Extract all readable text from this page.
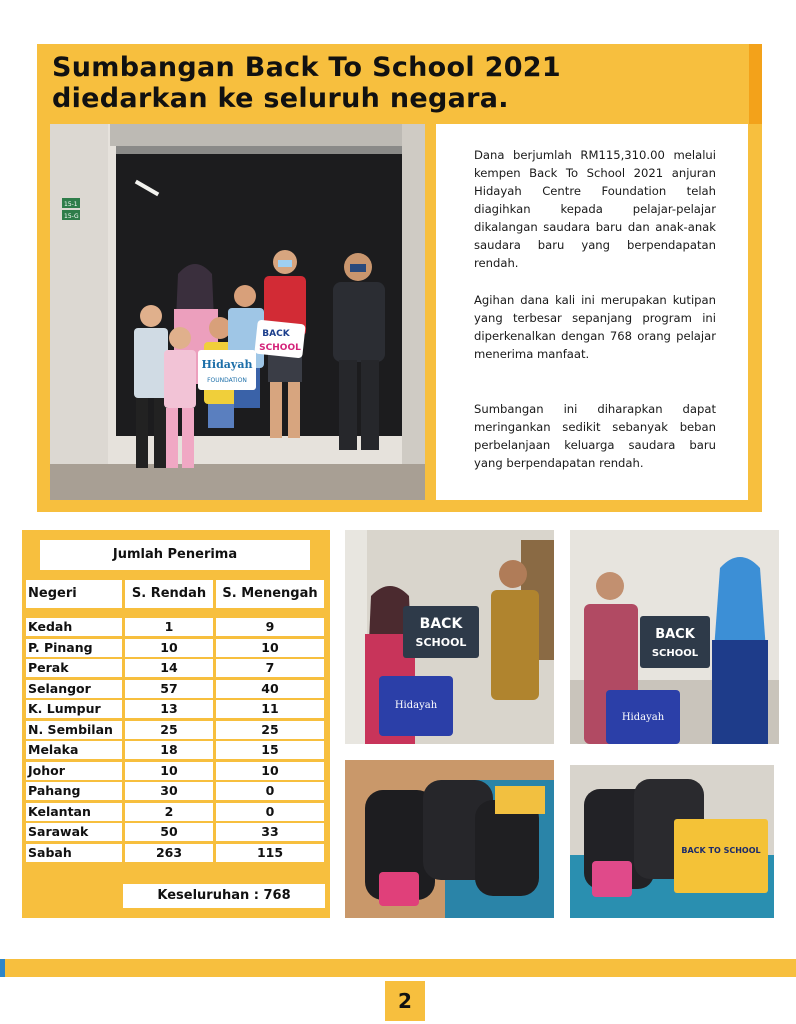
Sumbangan Back To School 2021
diedarkan ke seluruh negara.
15-1
15-G
Hidayah
FOUNDATION
BACK
SCHOOL

Dana berjumlah RM115,310.00 melalui kempen Back To School 2021 anjuran Hidayah Centre Foundation telah diagihkan kepada pelajar-pelajar dikalangan saudara baru dan anak-anak saudara baru yang berpendapatan rendah.

Agihan dana kali ini merupakan kutipan yang terbesar sepanjang program ini diperkenalkan dengan 768 orang pelajar menerima manfaat.

Sumbangan ini diharapkan dapat meringankan sedikit sebanyak beban perbelanjaan keluarga saudara baru yang berpendapatan rendah.

Jumlah Penerima
Negeri	S. Rendah	S. Menengah
Kedah	1	9
P. Pinang	10	10
Perak	14	7
Selangor	57	40
K. Lumpur	13	11
N. Sembilan	25	25
Melaka	18	15
Johor	10	10
Pahang	30	0
Kelantan	2	0
Sarawak	50	33
Sabah	263	115
Keseluruhan : 768
BACK
SCHOOL
Hidayah
BACK
SCHOOL
Hidayah
BACK TO SCHOOL
2
